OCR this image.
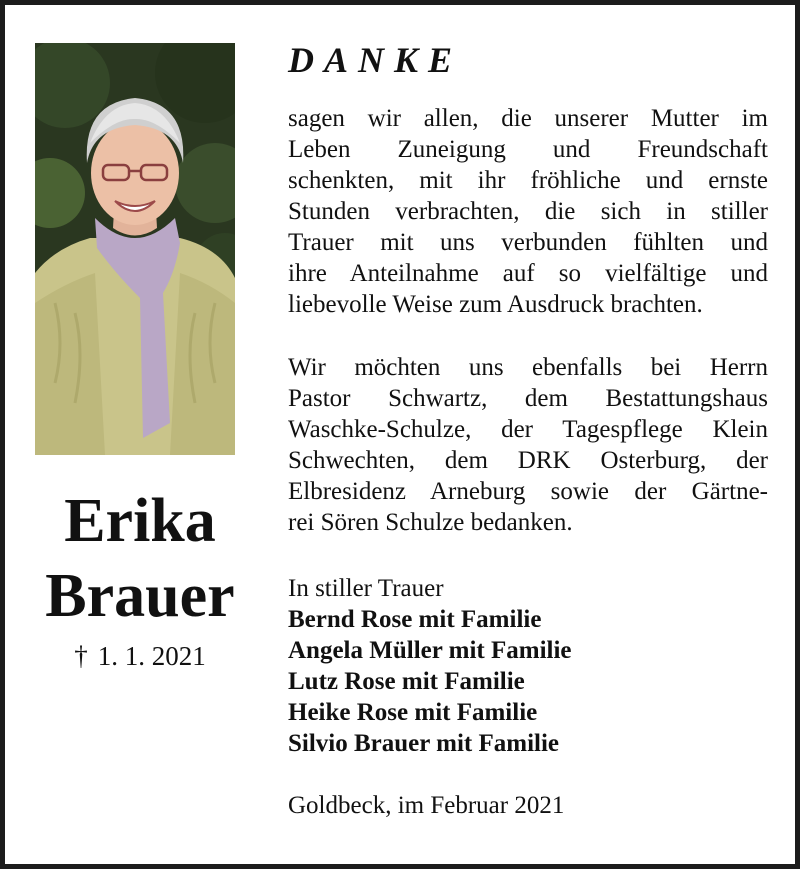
Erika
Brauer
† 1. 1. 2021
DANKE
sagen wir allen, die unserer Mutter im
Leben Zuneigung und Freundschaft
schenkten, mit ihr fröhliche und ernste
Stunden verbrachten, die sich in stiller
Trauer mit uns verbunden fühlten und
ihre Anteilnahme auf so vielfältige und
liebevolle Weise zum Ausdruck brachten.
Wir möchten uns ebenfalls bei Herrn
Pastor Schwartz, dem Bestattungshaus
Waschke-Schulze, der Tagespflege Klein
Schwechten, dem DRK Osterburg, der
Elbresidenz Arneburg sowie der Gärtne-
rei Sören Schulze bedanken.
In stiller Trauer
Bernd Rose mit Familie
Angela Müller mit Familie
Lutz Rose mit Familie
Heike Rose mit Familie
Silvio Brauer mit Familie
Goldbeck, im Februar 2021
